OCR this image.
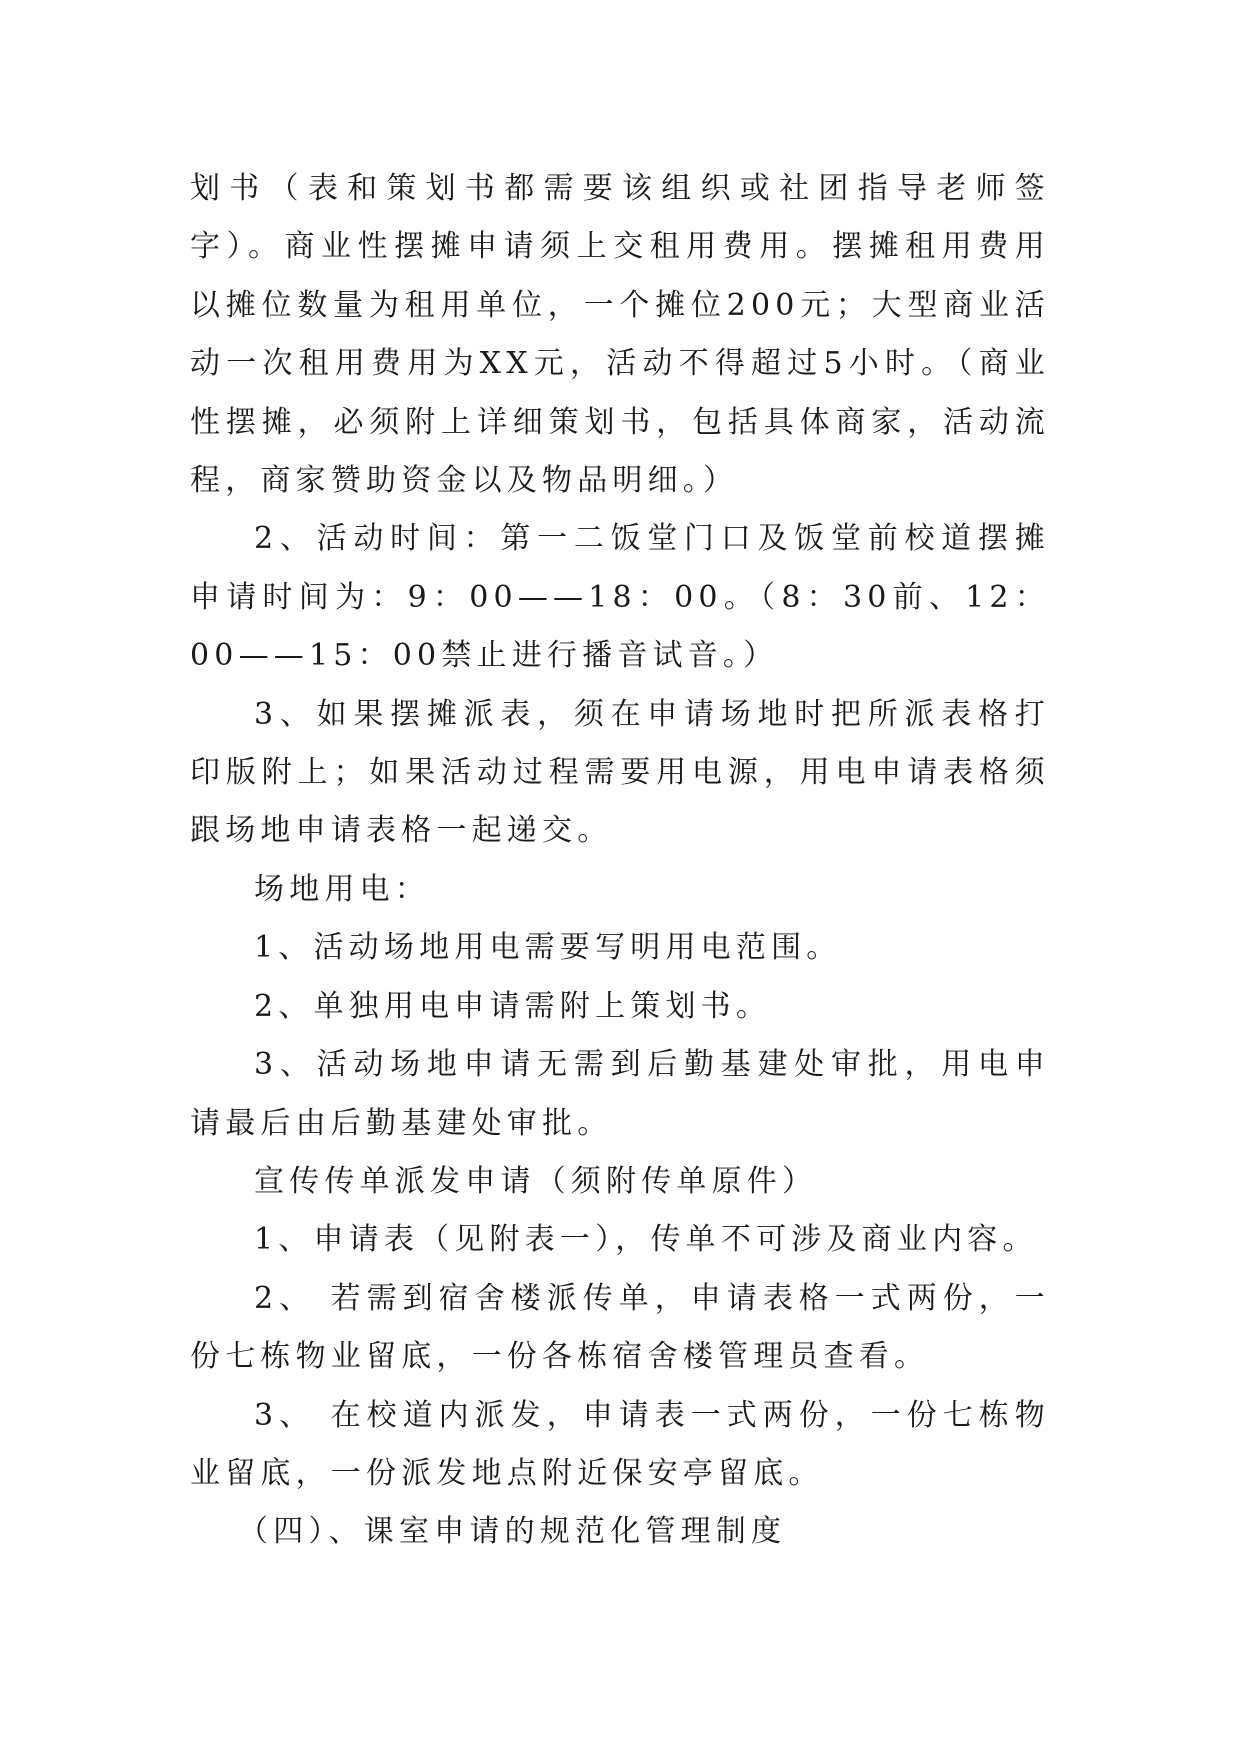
划书（表和策划书都需要该组织或社团指导老师签字）。商业性摆摊申请须上交租用费用。摆摊租用费用以摊位数量为租用单位，一个摊位200元；大型商业活动一次租用费用为XX元，活动不得超过5小时。（商业性摆摊，必须附上详细策划书，包括具体商家，活动流程，商家赞助资金以及物品明细。）

2、活动时间：第一二饭堂门口及饭堂前校道摆摊申请时间为：9：00——18：00。（8：30前、12：00——15：00禁止进行播音试音。）

3、如果摆摊派表，须在申请场地时把所派表格打印版附上；如果活动过程需要用电源，用电申请表格须跟场地申请表格一起递交。

场地用电：

1、活动场地用电需要写明用电范围。

2、单独用电申请需附上策划书。

3、活动场地申请无需到后勤基建处审批，用电申请最后由后勤基建处审批。

宣传传单派发申请（须附传单原件）

1、申请表（见附表一），传单不可涉及商业内容。

2、 若需到宿舍楼派传单，申请表格一式两份，一份七栋物业留底，一份各栋宿舍楼管理员查看。

3、 在校道内派发，申请表一式两份，一份七栋物业留底，一份派发地点附近保安亭留底。

（四）、课室申请的规范化管理制度
